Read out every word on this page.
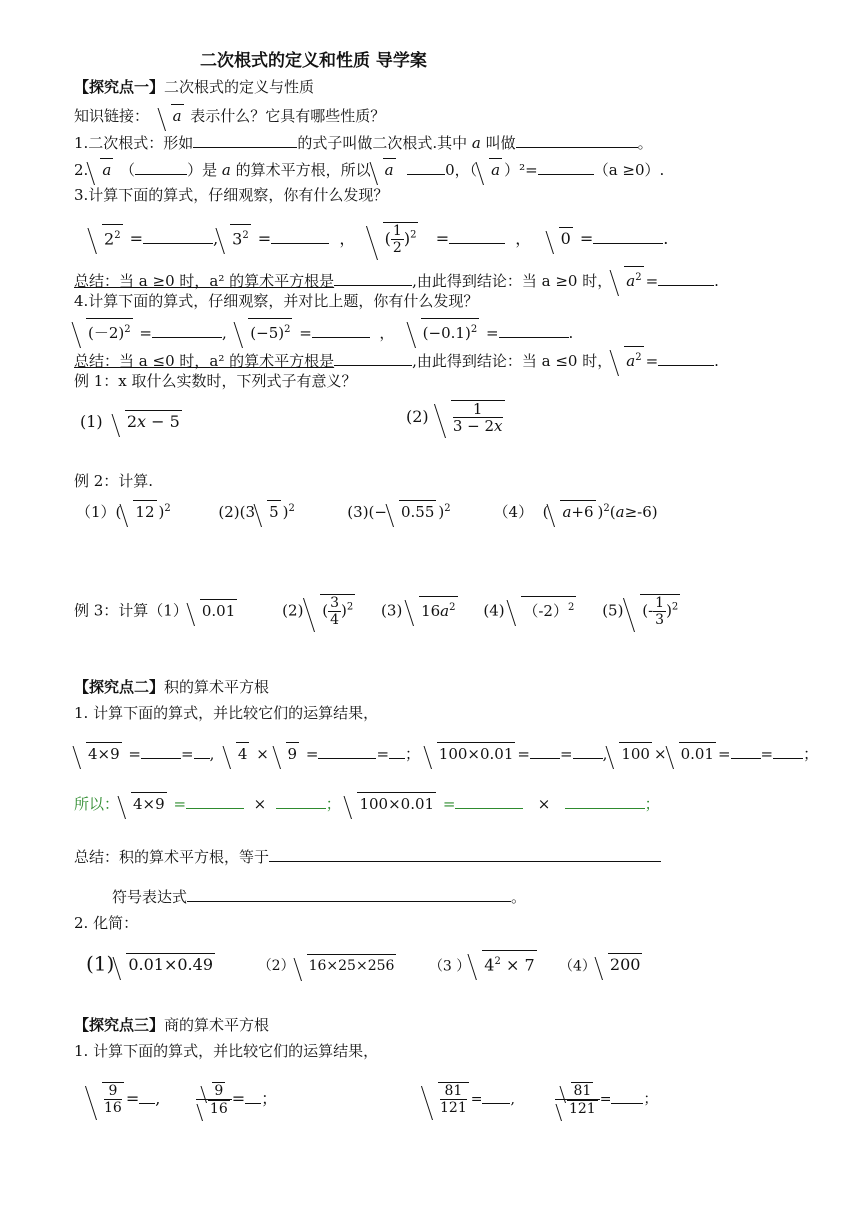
二次根式的定义和性质 导学案
【探究点一】二次根式的定义与性质
知识链接： a 表示什么？它具有哪些性质？
1.二次根式：形如	的式子叫做二次根式.其中 a 叫做	。
2. a （	）是 a 的算术平方根，所以 a	0，（ a ）²=	（a ≥0）.
3.计算下面的算式，仔细观察，你有什么发现？
$2^2$ =	, $3^2$ =	，   ( $\frac{1}{2} )^2$   =	，   0 =	.
总结：当 a ≥0 时，a² 的算术平方根是	,由此得到结论：当 a ≥0 时， $a^2$ =	.
4.计算下面的算式，仔细观察，并对比上题，你有什么发现？
$(-2)^2$ =	,  $(-5)^2$ =	，   $(-0.1)^2$ =	.
总结：当 a ≤0 时，a² 的算术平方根是	,由此得到结论：当 a ≤0 时， $a^2$ =	.
例 1：x 取什么实数时，下列式子有意义？
(1)  2x − 5	$(2) \frac{1}{3 - 2x}$
例 2：计算.
（1）( 12 )$^2$          (2)(3 5 )$^2$           (3)(− 0.55 )$^2$         （4）  ( a+6 )$^2$(a≥-6)
例 3：计算（1） 0.01         (2) ( $\frac{3}{4} )^2$     (3) $16a^2$     (4) $(-2)^2$     (5) (- $\frac{1}{3} )^2$
【探究点二】积的算术平方根
1. 计算下面的算式，并比较它们的运算结果，
4×9 =	= ,  4 × 9 =	= ； 100×0.01 = = , 100 × 0.01 = = ；
所以： 4×9 =	×	； 100×0.01 =	×	；
总结：积的算术平方根，等于
符号表达式	。
2. 化简：
(1) 0.01×0.49	（2） 16×25×256 （3 ） $4^2 \times 7$ （4） 200
【探究点三】商的算术平方根
1. 计算下面的算式，并比较它们的运算结果，
$\frac{9}{16}$ = , $\frac{9}{16}$ = ；	$\frac{81}{121}$ = , $\frac{81}{121}$ = ；
